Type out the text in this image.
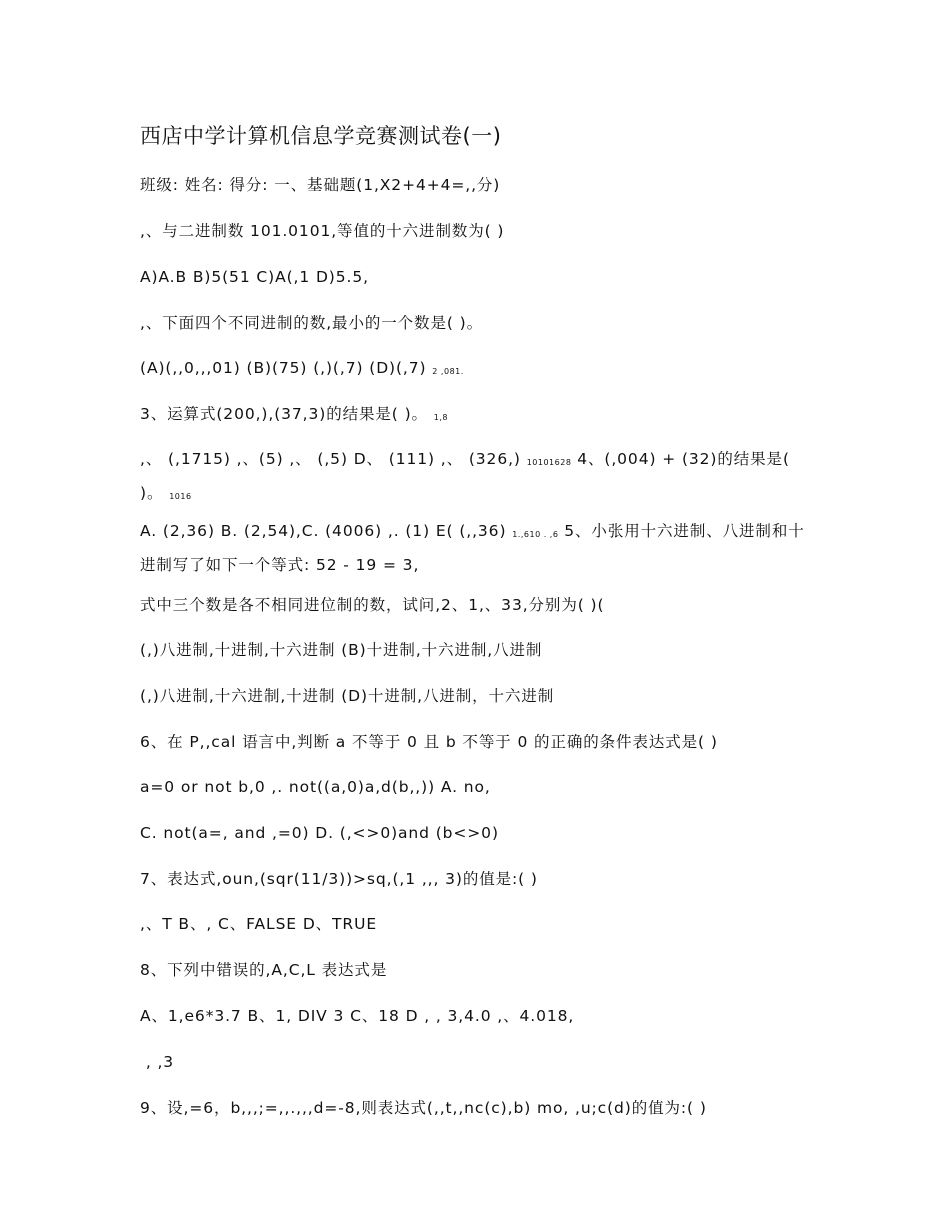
西店中学计算机信息学竞赛测试卷(一)
班级: 姓名: 得分: 一、基础题(1,X2+4+4=,,分)
,、与二进制数 101.0101,等值的十六进制数为( )
A)A.B B)5(51 C)A(,1 D)5.5,
,、下面四个不同进制的数,最小的一个数是( )。
(A)(,,0,,,01) (B)(75) (,)(,7) (D)(,7) 2 ,081.
3、运算式(200,),(37,3)的结果是( )。 1,8
,、 (,1715) ,、(5) ,、 (,5) D、 (111) ,、 (326,) 10101628 4、(,004) + (32)的结果是( )。 1016
A. (2,36) B. (2,54),C. (4006) ,. (1) E( (,,36) 1.,610 . ,6 5、小张用十六进制、八进制和十进制写了如下一个等式: 52 - 19 = 3,
式中三个数是各不相同进位制的数，试问,2、1,、33,分别为( )(
(,)八进制,十进制,十六进制 (B)十进制,十六进制,八进制
(,)八进制,十六进制,十进制 (D)十进制,八进制，十六进制
6、在 P,,cal 语言中,判断 a 不等于 0 且 b 不等于 0 的正确的条件表达式是( )
a=0 or not b,0 ,. not((a,0)a,d(b,,)) A. no,
C. not(a=, and ,=0) D. (,<>0)and (b<>0)
7、表达式,oun,(sqr(11/3))>sq,(,1 ,,, 3)的值是:( )
,、T B、, C、FALSE D、TRUE
8、下列中错误的,A,C,L 表达式是
A、1,e6*3.7 B、1, DIV 3 C、18 D , , 3,4.0 ,、4.018,
, ,3
9、设,=6，b,,,;=,,.,,,d=-8,则表达式(,,t,,nc(c),b) mo, ,u;c(d)的值为:( )
